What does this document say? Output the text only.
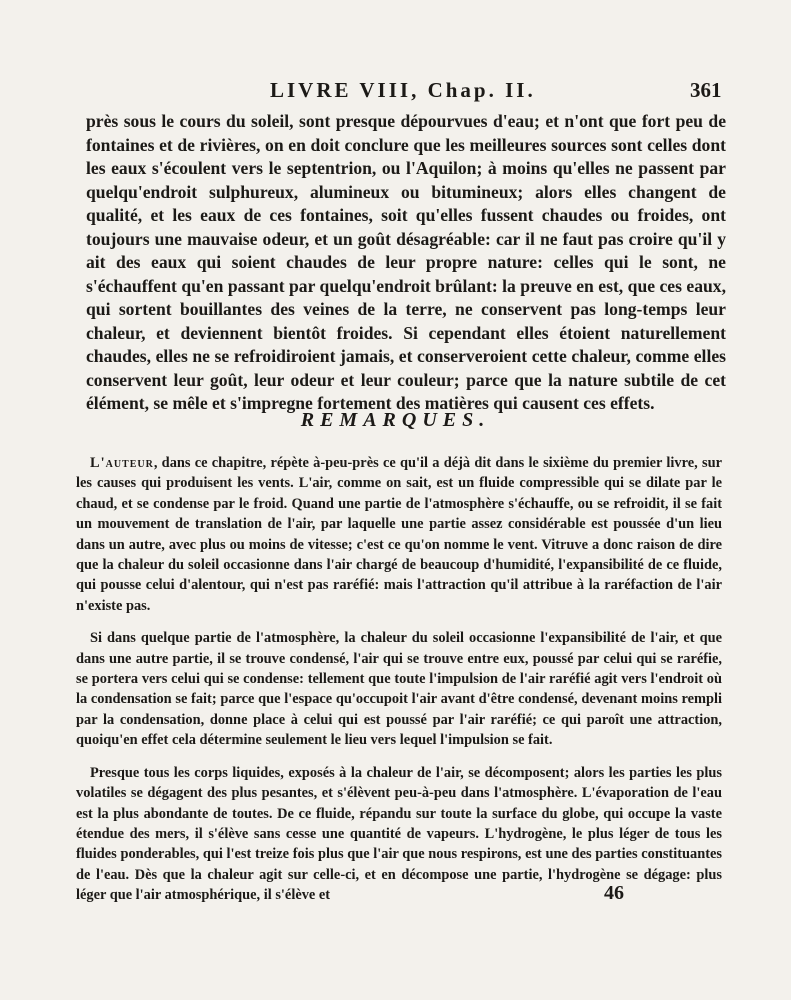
LIVRE VIII, Chap. II.	361

près sous le cours du soleil, sont presque dépourvues d'eau; et n'ont que fort peu de fontaines et de rivières, on en doit conclure que les meilleures sources sont celles dont les eaux s'écoulent vers le septentrion, ou l'Aquilon; à moins qu'elles ne passent par quelqu'endroit sulphureux, alumineux ou bitumineux; alors elles changent de qualité, et les eaux de ces fontaines, soit qu'elles fussent chaudes ou froides, ont toujours une mauvaise odeur, et un goût désagréable: car il ne faut pas croire qu'il y ait des eaux qui soient chaudes de leur propre nature: celles qui le sont, ne s'échauffent qu'en passant par quelqu'endroit brûlant: la preuve en est, que ces eaux, qui sortent bouillantes des veines de la terre, ne conservent pas long-temps leur chaleur, et deviennent bientôt froides. Si cependant elles étoient naturellement chaudes, elles ne se refroidiroient jamais, et conserveroient cette chaleur, comme elles conservent leur goût, leur odeur et leur couleur; parce que la nature subtile de cet élément, se mêle et s'impregne fortement des matières qui causent ces effets.

REMARQUES.

L'auteur, dans ce chapitre, répète à-peu-près ce qu'il a déjà dit dans le sixième du premier livre, sur les causes qui produisent les vents. L'air, comme on sait, est un fluide compressible qui se dilate par le chaud, et se condense par le froid. Quand une partie de l'atmosphère s'échauffe, ou se refroidit, il se fait un mouvement de translation de l'air, par laquelle une partie assez considérable est poussée d'un lieu dans un autre, avec plus ou moins de vitesse; c'est ce qu'on nomme le vent. Vitruve a donc raison de dire que la chaleur du soleil occasionne dans l'air chargé de beaucoup d'humidité, l'expansibilité de ce fluide, qui pousse celui d'alentour, qui n'est pas raréfié: mais l'attraction qu'il attribue à la raréfaction de l'air n'existe pas.

Si dans quelque partie de l'atmosphère, la chaleur du soleil occasionne l'expansibilité de l'air, et que dans une autre partie, il se trouve condensé, l'air qui se trouve entre eux, poussé par celui qui se raréfie, se portera vers celui qui se condense: tellement que toute l'impulsion de l'air raréfié agit vers l'endroit où la condensation se fait; parce que l'espace qu'occupoit l'air avant d'être condensé, devenant moins rempli par la condensation, donne place à celui qui est poussé par l'air raréfié; ce qui paroît une attraction, quoiqu'en effet cela détermine seulement le lieu vers lequel l'impulsion se fait.

Presque tous les corps liquides, exposés à la chaleur de l'air, se décomposent; alors les parties les plus volatiles se dégagent des plus pesantes, et s'élèvent peu-à-peu dans l'atmosphère. L'évaporation de l'eau est la plus abondante de toutes. De ce fluide, répandu sur toute la surface du globe, qui occupe la vaste étendue des mers, il s'élève sans cesse une quantité de vapeurs. L'hydrogène, le plus léger de tous les fluides ponderables, qui l'est treize fois plus que l'air que nous respirons, est une des parties constituantes de l'eau. Dès que la chaleur agit sur celle-ci, et en décompose une partie, l'hydrogène se dégage: plus léger que l'air atmosphérique, il s'élève et	46
